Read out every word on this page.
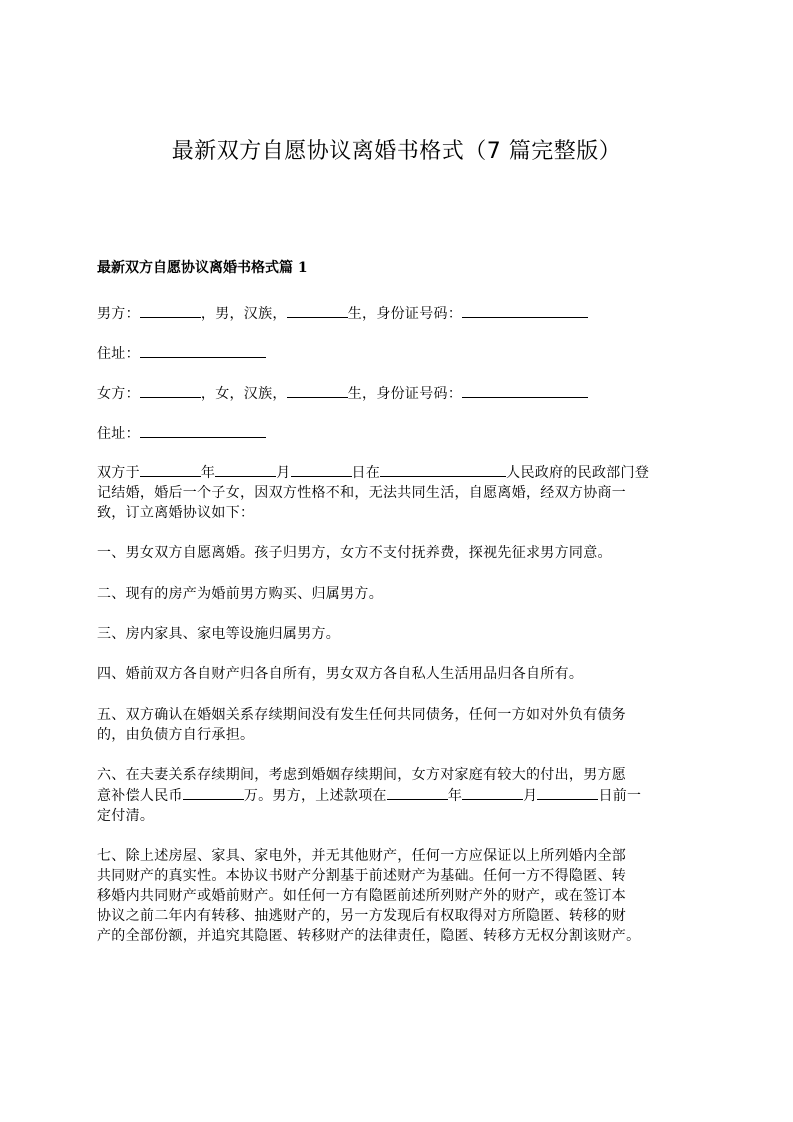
最新双方自愿协议离婚书格式（7 篇完整版）
最新双方自愿协议离婚书格式篇 1
男方：	，男，汉族，	生，身份证号码：
住址：
女方：	，女，汉族，	生，身份证号码：
住址：
双方于	年	月	日在	人民政府的民政部门登
记结婚，婚后一个子女，因双方性格不和，无法共同生活，自愿离婚，经双方协商一
致，订立离婚协议如下：
一、男女双方自愿离婚。孩子归男方，女方不支付抚养费，探视先征求男方同意。
二、现有的房产为婚前男方购买、归属男方。
三、房内家具、家电等设施归属男方。
四、婚前双方各自财产归各自所有，男女双方各自私人生活用品归各自所有。
五、双方确认在婚姻关系存续期间没有发生任何共同债务，任何一方如对外负有债务
的，由负债方自行承担。
六、在夫妻关系存续期间，考虑到婚姻存续期间，女方对家庭有较大的付出，男方愿
意补偿人民币	万。男方，上述款项在	年	月	日前一
定付清。
七、除上述房屋、家具、家电外，并无其他财产，任何一方应保证以上所列婚内全部
共同财产的真实性。本协议书财产分割基于前述财产为基础。任何一方不得隐匿、转
移婚内共同财产或婚前财产。如任何一方有隐匿前述所列财产外的财产，或在签订本
协议之前二年内有转移、抽逃财产的，另一方发现后有权取得对方所隐匿、转移的财
产的全部份额，并追究其隐匿、转移财产的法律责任，隐匿、转移方无权分割该财产。
